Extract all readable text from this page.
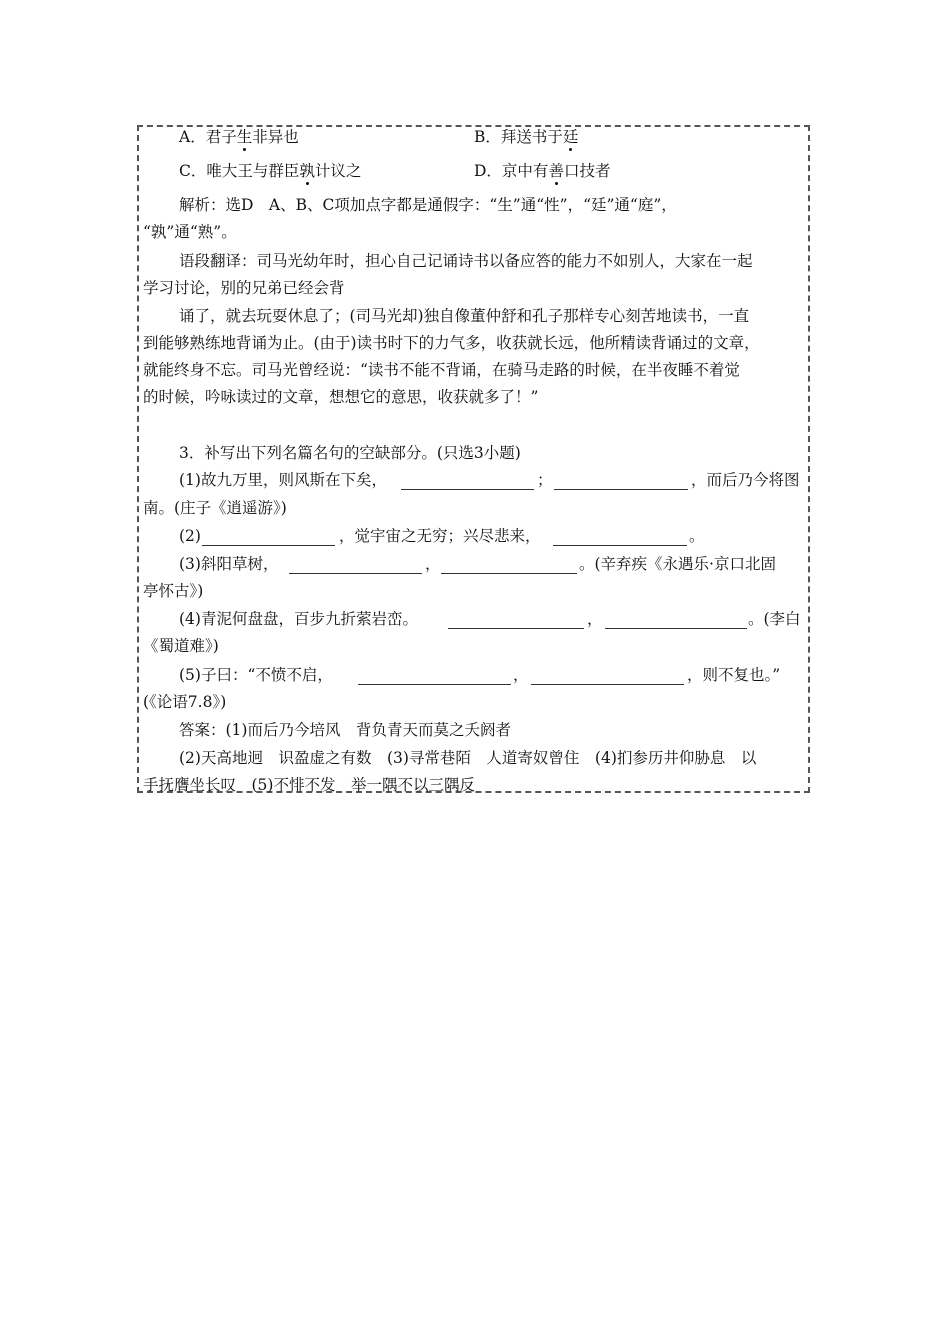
A．君子生非异也	B．拜送书于廷
C．唯大王与群臣孰计议之	D．京中有善口技者
解析：选D　A、B、C项加点字都是通假字：“生”通“性”，“廷”通“庭”，
“孰”通“熟”。
语段翻译：司马光幼年时，担心自己记诵诗书以备应答的能力不如别人，大家在一起
学习讨论，别的兄弟已经会背
诵了，就去玩耍休息了；(司马光却)独自像董仲舒和孔子那样专心刻苦地读书，一直
到能够熟练地背诵为止。(由于)读书时下的力气多，收获就长远，他所精读背诵过的文章，
就能终身不忘。司马光曾经说：“读书不能不背诵，在骑马走路的时候，在半夜睡不着觉
的时候，吟咏读过的文章，想想它的意思，收获就多了！”
3．补写出下列名篇名句的空缺部分。(只选3小题)
(1)故九万里，则风斯在下矣，	；	，而后乃今将图
南。(庄子《逍遥游》)
(2)	，觉宇宙之无穷；兴尽悲来，	。
(3)斜阳草树，	，	。(辛弃疾《永遇乐·京口北固
亭怀古》)
(4)青泥何盘盘，百步九折萦岩峦。	，	。(李白
《蜀道难》)
(5)子曰：“不愤不启，	，	，则不复也。”
(《论语7.8》)
答案：(1)而后乃今培风　背负青天而莫之夭阏者
(2)天高地迥　识盈虚之有数　(3)寻常巷陌　人道寄奴曾住　(4)扪参历井仰胁息　以
手抚膺坐长叹　(5)不悱不发　举一隅不以三隅反
